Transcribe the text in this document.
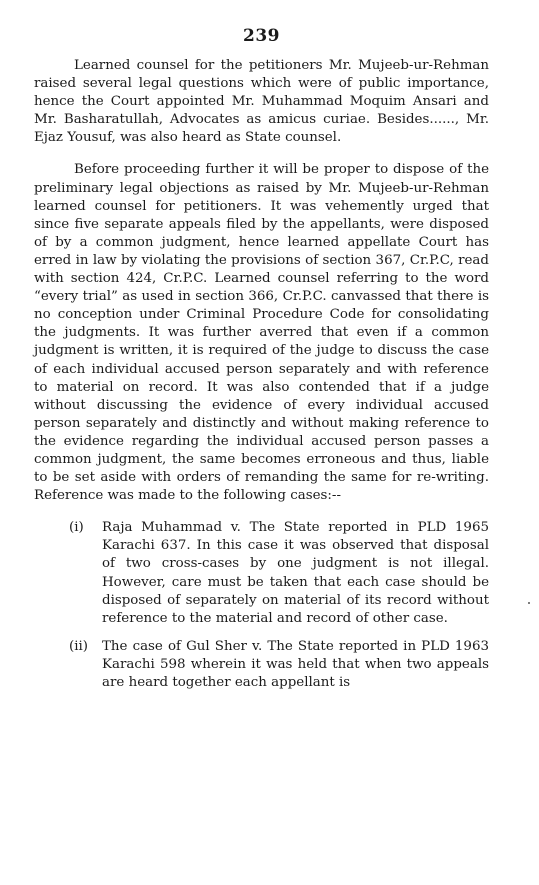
239

Learned counsel for the petitioners Mr. Mujeeb-ur-Rehman raised several legal questions which were of public importance, hence the Court appointed Mr. Muhammad Moquim Ansari and Mr. Basharatullah, Advocates as amicus curiae. Besides......, Mr. Ejaz Yousuf, was also heard as State counsel.

Before proceeding further it will be proper to dispose of the preliminary legal objections as raised by Mr. Mujeeb-ur-Rehman learned counsel for petitioners. It was vehemently urged that since five separate appeals filed by the appellants, were disposed of by a common judgment, hence learned appellate Court has erred in law by violating the provisions of section 367, Cr.P.C, read with section 424, Cr.P.C. Learned counsel referring to the word “every trial” as used in section 366, Cr.P.C. canvassed that there is no conception under Criminal Procedure Code for consolidating the judgments. It was further averred that even if a common judgment is written, it is required of the judge to discuss the case of each individual accused person separately and with reference to material on record. It was also contended that if a judge without discussing the evidence of every individual accused person separately and distinctly and without making reference to the evidence regarding the individual accused person passes a common judgment, the same becomes erroneous and thus, liable to be set aside with orders of remanding the same for re-writing. Reference was made to the following cases:--

(i) Raja Muhammad v. The State reported in PLD 1965 Karachi 637. In this case it was observed that disposal of two cross-cases by one judgment is not illegal. However, care must be taken that each case should be disposed of separately on material of its record without reference to the material and record of other case.
(ii) The case of Gul Sher v. The State reported in PLD 1963 Karachi 598 wherein it was held that when two appeals are heard together each appellant is
